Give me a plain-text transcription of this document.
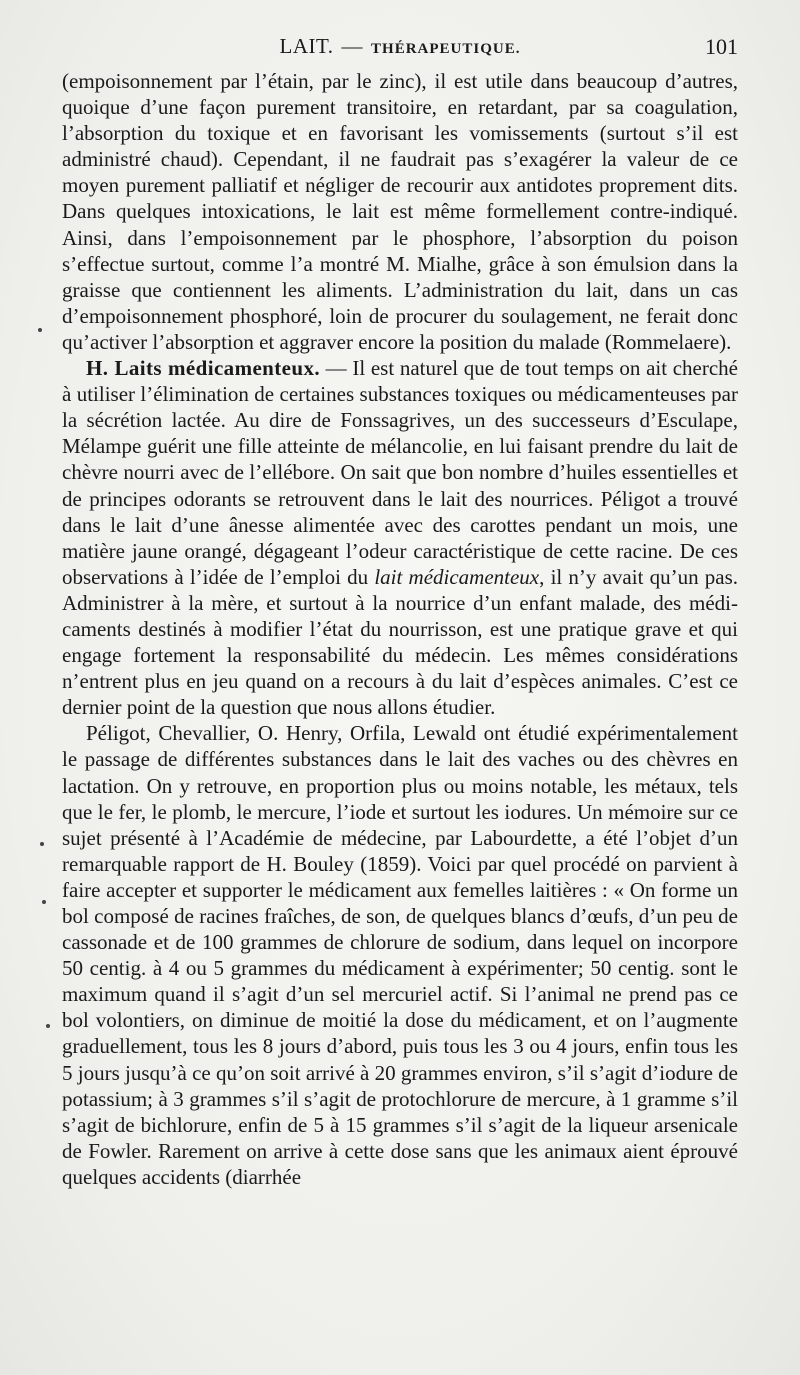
LAIT. — THÉRAPEUTIQUE.	101

(empoisonnement par l’étain, par le zinc), il est utile dans beaucoup d’autres, quoique d’une façon purement transitoire, en retardant, par sa coagulation, l’absorption du toxique et en favorisant les vomissements (surtout s’il est administré chaud). Cependant, il ne faudrait pas s’exagérer la valeur de ce moyen purement palliatif et négliger de recourir aux antidotes proprement dits. Dans quelques intoxications, le lait est même formellement contre-indiqué. Ainsi, dans l’empoisonnement par le phosphore, l’absorption du poison s’effectue surtout, comme l’a montré M. Mialhe, grâce à son émulsion dans la graisse que contiennent les aliments. L’administration du lait, dans un cas d’empoisonnement phosphoré, loin de procurer du soulagement, ne ferait donc qu’activer l’absorption et aggraver encore la position du malade (Rommelaere).

H. Laits médicamenteux. — Il est naturel que de tout temps on ait cherché à utiliser l’élimination de certaines substances toxiques ou médicamenteuses par la sécrétion lactée. Au dire de Fonssagrives, un des successeurs d’Esculape, Mélampe guérit une fille atteinte de mélancolie, en lui faisant prendre du lait de chèvre nourri avec de l’ellébore. On sait que bon nombre d’huiles essentielles et de principes odorants se retrouvent dans le lait des nourrices. Péligot a trouvé dans le lait d’une ânesse alimentée avec des carottes pendant un mois, une matière jaune orangé, dégageant l’odeur caractéristique de cette racine. De ces observations à l’idée de l’emploi du lait médicamenteux, il n’y avait qu’un pas. Administrer à la mère, et surtout à la nourrice d’un enfant malade, des médicaments destinés à modifier l’état du nourrisson, est une pratique grave et qui engage fortement la responsabilité du médecin. Les mêmes considérations n’entrent plus en jeu quand on a recours à du lait d’espèces animales. C’est ce dernier point de la question que nous allons étudier.

Péligot, Chevallier, O. Henry, Orfila, Lewald ont étudié expérimentalement le passage de différentes substances dans le lait des vaches ou des chèvres en lactation. On y retrouve, en proportion plus ou moins notable, les métaux, tels que le fer, le plomb, le mercure, l’iode et surtout les iodures. Un mémoire sur ce sujet présenté à l’Académie de médecine, par Labourdette, a été l’objet d’un remarquable rapport de H. Bouley (1859). Voici par quel procédé on parvient à faire accepter et supporter le médicament aux femelles laitières : « On forme un bol composé de racines fraîches, de son, de quelques blancs d’œufs, d’un peu de cassonade et de 100 grammes de chlorure de sodium, dans lequel on incorpore 50 centig. à 4 ou 5 grammes du médicament à expérimenter; 50 centig. sont le maximum quand il s’agit d’un sel mercuriel actif. Si l’animal ne prend pas ce bol volontiers, on diminue de moitié la dose du médicament, et on l’augmente graduellement, tous les 8 jours d’abord, puis tous les 3 ou 4 jours, enfin tous les 5 jours jusqu’à ce qu’on soit arrivé à 20 grammes environ, s’il s’agit d’iodure de potassium; à 3 grammes s’il s’agit de protochlorure de mercure, à 1 gramme s’il s’agit de bichlorure, enfin de 5 à 15 grammes s’il s’agit de la liqueur arsenicale de Fowler. Rarement on arrive à cette dose sans que les animaux aient éprouvé quelques accidents (diarrhée
